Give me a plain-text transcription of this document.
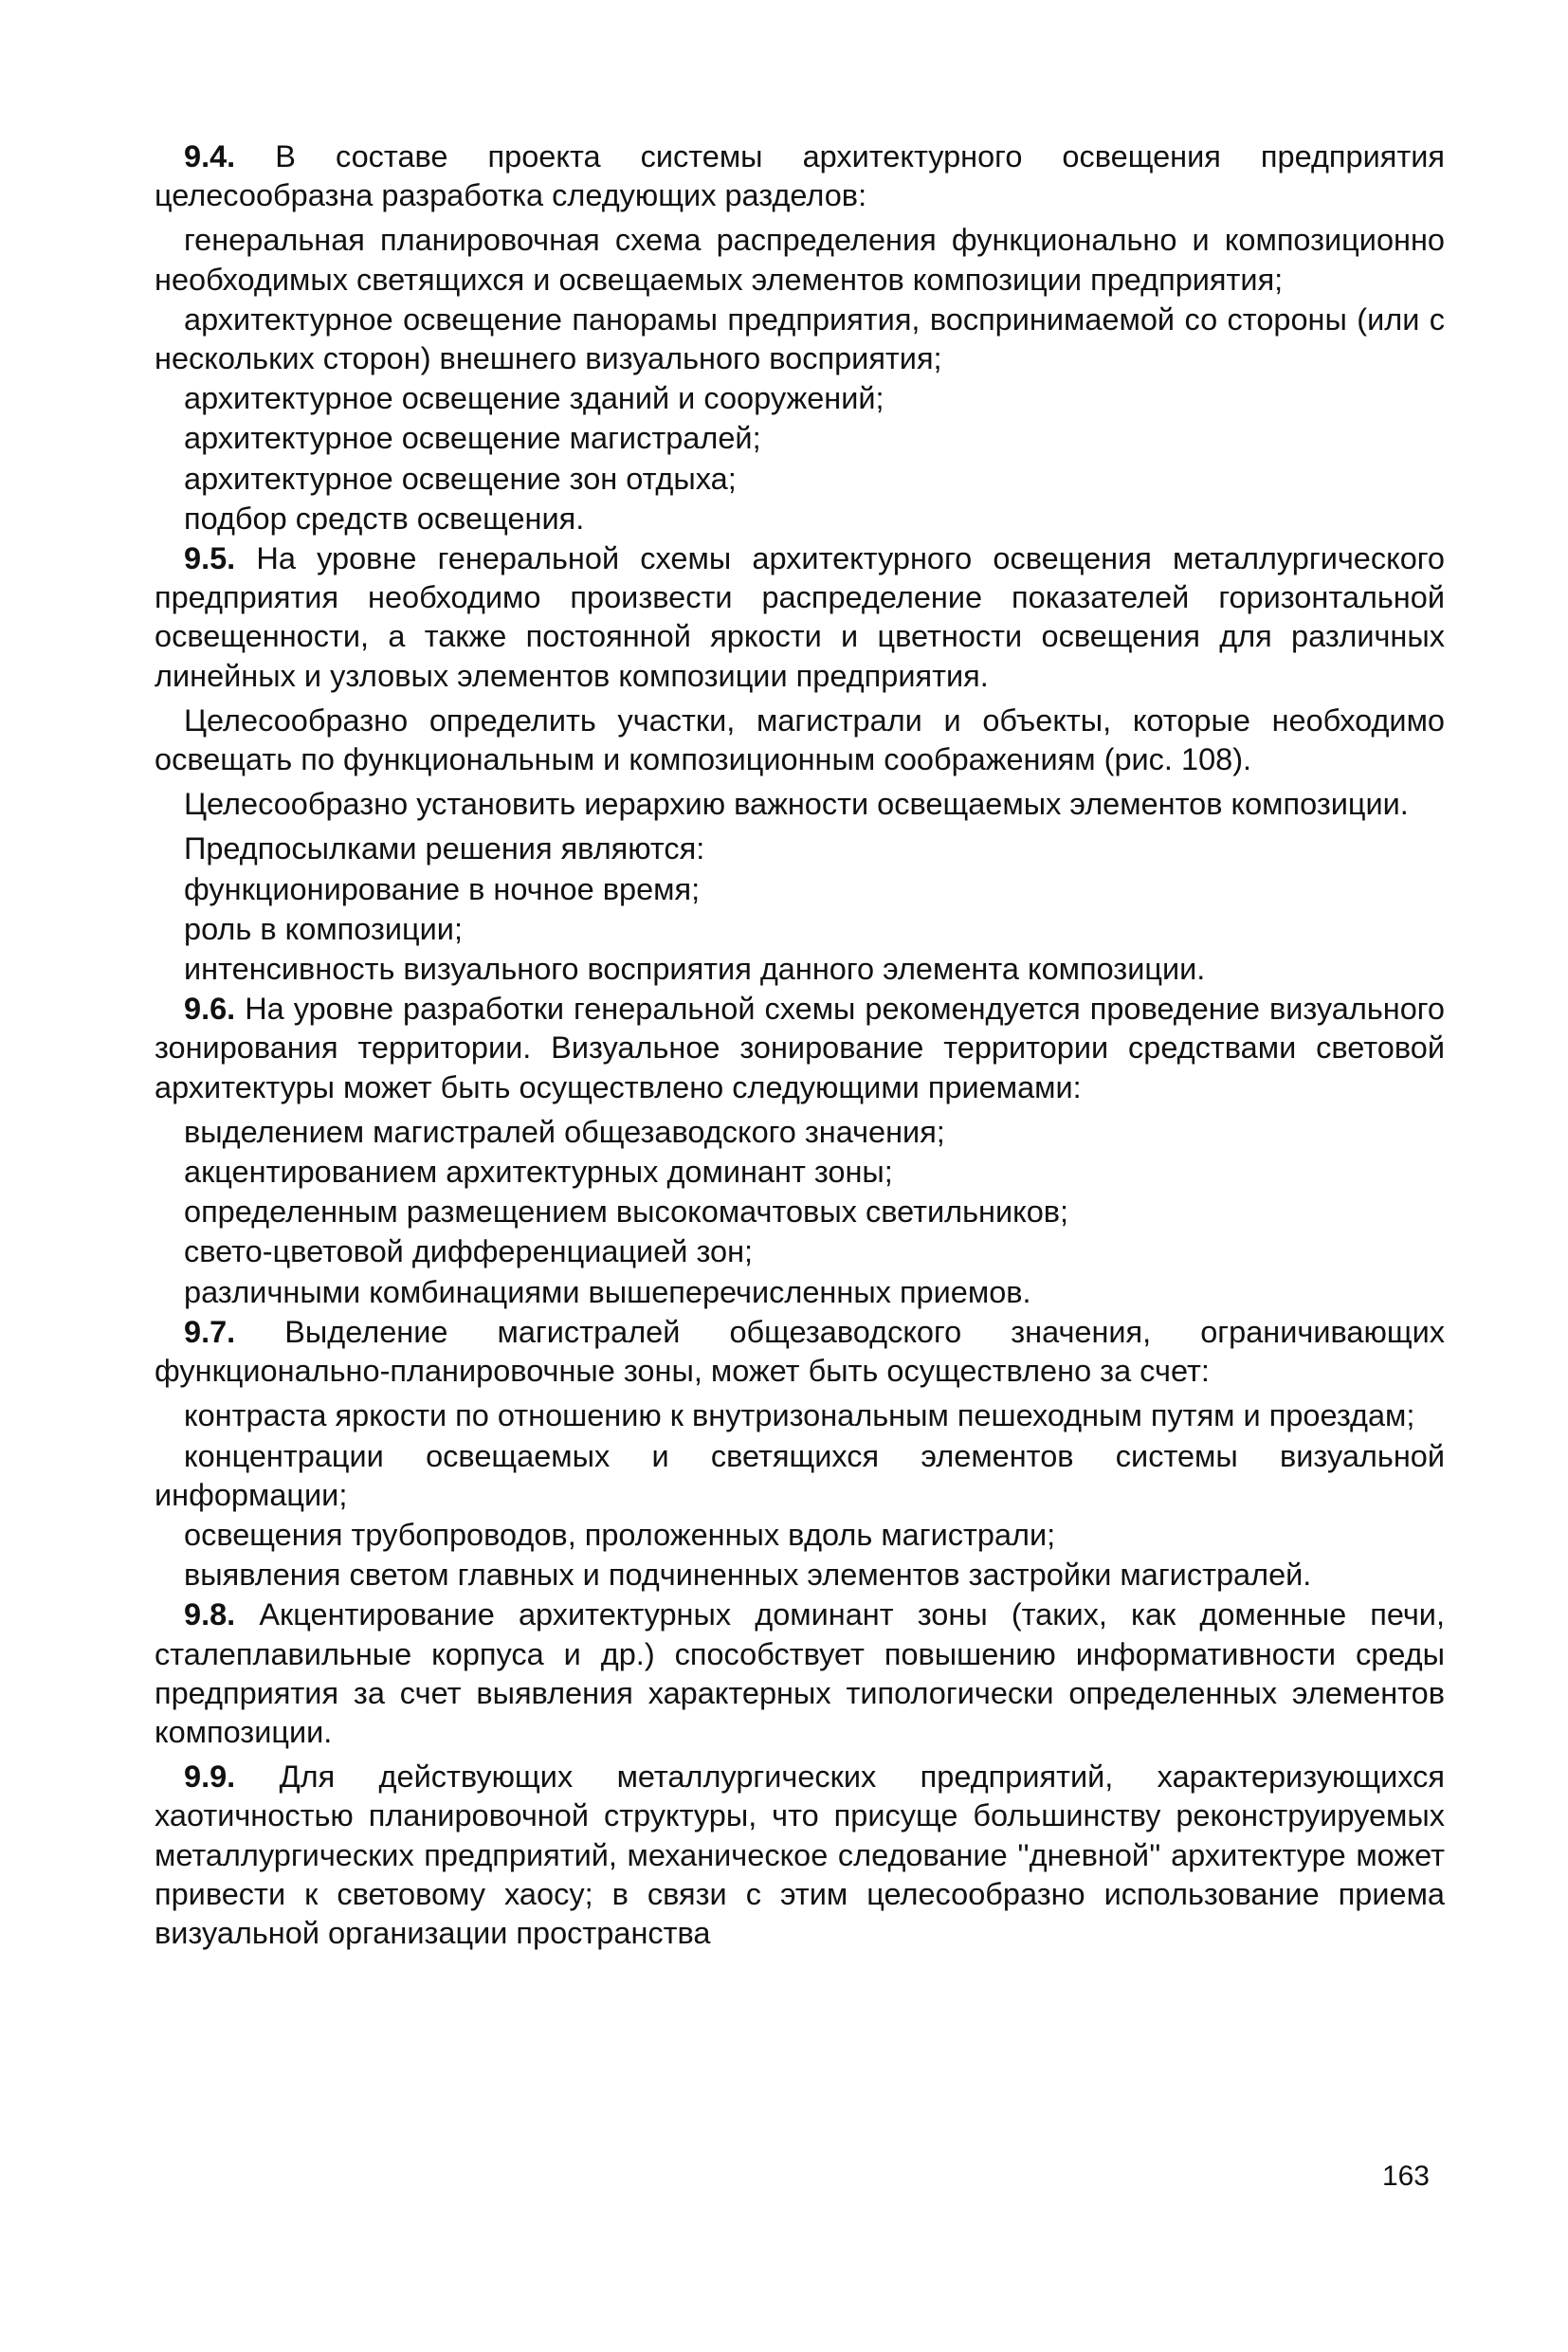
9.4. В составе проекта системы архитектурного освещения предприятия целесообразна разработка следующих разделов:

генеральная планировочная схема распределения функционально и композиционно необходимых светящихся и освещаемых элементов композиции предприятия;

архитектурное освещение панорамы предприятия, воспринимаемой со стороны (или с нескольких сторон) внешнего визуального восприятия;

архитектурное освещение зданий и сооружений;

архитектурное освещение магистралей;

архитектурное освещение зон отдыха;

подбор средств освещения.

9.5. На уровне генеральной схемы архитектурного освещения металлургического предприятия необходимо произвести распределение показателей горизонтальной освещенности, а также постоянной яркости и цветности освещения для различных линейных и узловых элементов композиции предприятия.

Целесообразно определить участки, магистрали и объекты, которые необходимо освещать по функциональным и композиционным соображениям (рис. 108).

Целесообразно установить иерархию важности освещаемых элементов композиции.

Предпосылками решения являются:

функционирование в ночное время;

роль в композиции;

интенсивность визуального восприятия данного элемента композиции.

9.6. На уровне разработки генеральной схемы рекомендуется проведение визуального зонирования территории. Визуальное зонирование территории средствами световой архитектуры может быть осуществлено следующими приемами:

выделением магистралей общезаводского значения;

акцентированием архитектурных доминант зоны;

определенным размещением высокомачтовых светильников;

свето-цветовой дифференциацией зон;

различными комбинациями вышеперечисленных приемов.

9.7. Выделение магистралей общезаводского значения, ограничивающих функционально-планировочные зоны, может быть осуществлено за счет:

контраста яркости по отношению к внутризональным пешеходным путям и проездам;

концентрации освещаемых и светящихся элементов системы визуальной информации;

освещения трубопроводов, проложенных вдоль магистрали;

выявления светом главных и подчиненных элементов застройки магистралей.

9.8. Акцентирование архитектурных доминант зоны (таких, как доменные печи, сталеплавильные корпуса и др.) способствует повышению информативности среды предприятия за счет выявления характерных типологически определенных элементов композиции.

9.9. Для действующих металлургических предприятий, характеризующихся хаотичностью планировочной структуры, что присуще большинству реконструируемых металлургических предприятий, механическое следование ''дневной'' архитектуре может привести к световому хаосу; в связи с этим целесообразно использование приема визуальной организации пространства

163
